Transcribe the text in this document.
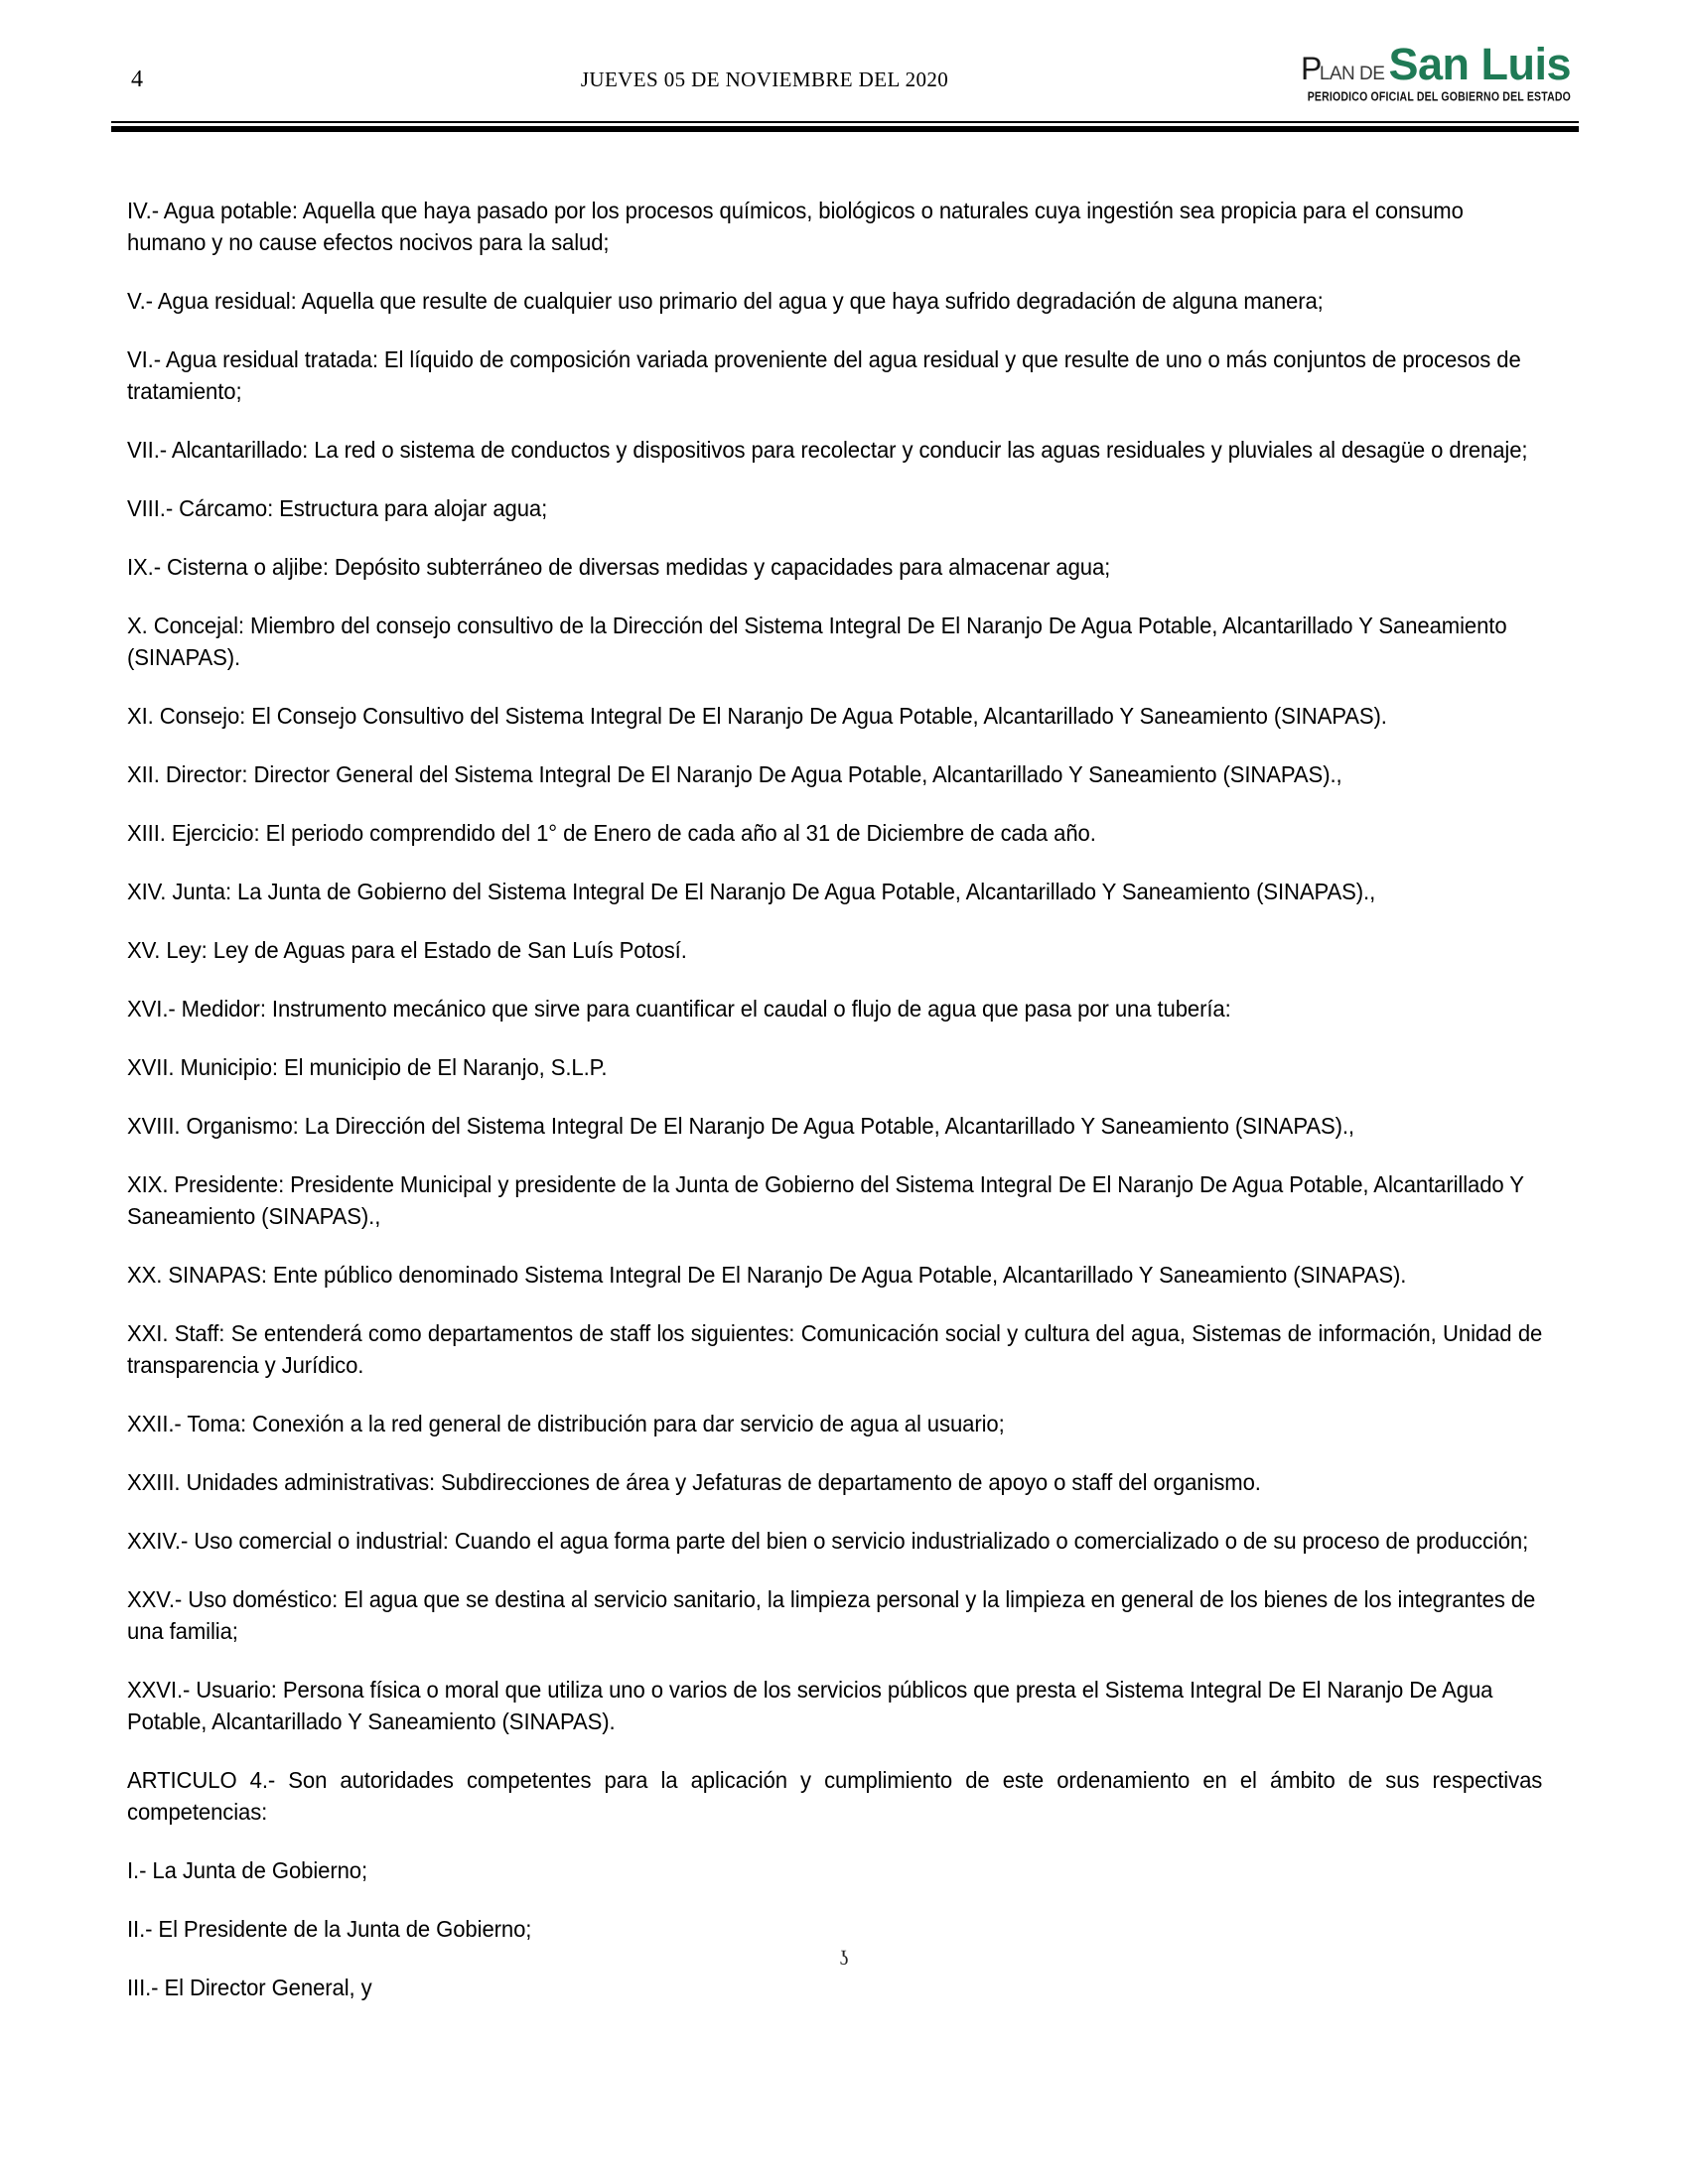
4	JUEVES 05 DE NOVIEMBRE DEL 2020	PLAN DESan Luis
PERIODICO OFICIAL DEL GOBIERNO DEL ESTADO

IV.- Agua potable: Aquella que haya pasado por los procesos químicos, biológicos o naturales cuya ingestión sea propicia para el consumo humano y no cause efectos nocivos para la salud;

V.- Agua residual: Aquella que resulte de cualquier uso primario del agua y que haya sufrido degradación de alguna manera;

VI.- Agua residual tratada: El líquido de composición variada proveniente del agua residual y que resulte de uno o más conjuntos de procesos de tratamiento;

VII.- Alcantarillado: La red o sistema de conductos y dispositivos para recolectar y conducir las aguas residuales y pluviales al desagüe o drenaje;

VIII.- Cárcamo: Estructura para alojar agua;

IX.- Cisterna o aljibe: Depósito subterráneo de diversas medidas y capacidades para almacenar agua;

X. Concejal: Miembro del consejo consultivo de la Dirección del Sistema Integral De El Naranjo De Agua Potable, Alcantarillado Y Saneamiento (SINAPAS).

XI. Consejo: El Consejo Consultivo del Sistema Integral De El Naranjo De Agua Potable, Alcantarillado Y Saneamiento (SINAPAS).

XII. Director: Director General del Sistema Integral De El Naranjo De Agua Potable, Alcantarillado Y Saneamiento (SINAPAS).,

XIII. Ejercicio: El periodo comprendido del 1° de Enero de cada año al 31 de Diciembre de cada año.

XIV. Junta: La Junta de Gobierno del Sistema Integral De El Naranjo De Agua Potable, Alcantarillado Y Saneamiento (SINAPAS).,

XV. Ley: Ley de Aguas para el Estado de San Luís Potosí.

XVI.- Medidor: Instrumento mecánico que sirve para cuantificar el caudal o flujo de agua que pasa por una tubería:

XVII. Municipio: El municipio de El Naranjo, S.L.P.

XVIII. Organismo: La Dirección del Sistema Integral De El Naranjo De Agua Potable, Alcantarillado Y Saneamiento (SINAPAS).,

XIX. Presidente: Presidente Municipal y presidente de la Junta de Gobierno del Sistema Integral De El Naranjo De Agua Potable, Alcantarillado Y Saneamiento (SINAPAS).,

XX. SINAPAS: Ente público denominado Sistema Integral De El Naranjo De Agua Potable, Alcantarillado Y Saneamiento (SINAPAS).

XXI. Staff: Se entenderá como departamentos de staff los siguientes: Comunicación social y cultura del agua, Sistemas de información, Unidad de transparencia y Jurídico.

XXII.- Toma: Conexión a la red general de distribución para dar servicio de agua al usuario;

XXIII. Unidades administrativas: Subdirecciones de área y Jefaturas de departamento de apoyo o staff del organismo.

XXIV.- Uso comercial o industrial: Cuando el agua forma parte del bien o servicio industrializado o comercializado o de su proceso de producción;

XXV.- Uso doméstico: El agua que se destina al servicio sanitario, la limpieza personal y la limpieza en general de los bienes de los integrantes de una familia;

XXVI.- Usuario: Persona física o moral que utiliza uno o varios de los servicios públicos que presta el Sistema Integral De El Naranjo De Agua Potable, Alcantarillado Y Saneamiento (SINAPAS).

ARTICULO 4.- Son autoridades competentes para la aplicación y cumplimiento de este ordenamiento en el ámbito de sus respectivas competencias:

I.- La Junta de Gobierno;

II.- El Presidente de la Junta de Gobierno;

III.- El Director General, y

ʖ
